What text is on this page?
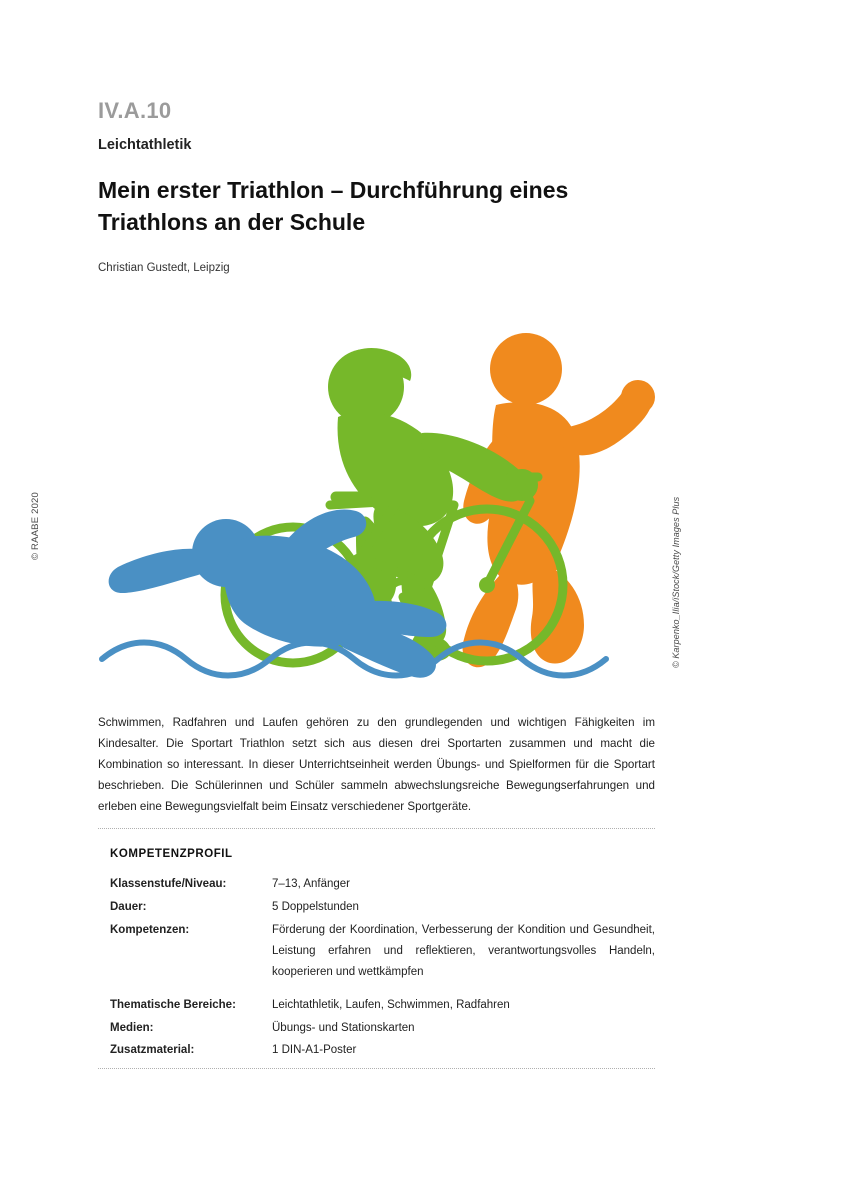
© RAABE 2020	© Karpenko_Ilia/iStock/Getty Images Plus
IV.A.10
Leichtathletik
Mein erster Triathlon – Durchführung eines Triathlons an der Schule
Christian Gustedt, Leipzig

Schwimmen, Radfahren und Laufen gehören zu den grundlegenden und wichtigen Fähigkeiten im Kindesalter. Die Sportart Triathlon setzt sich aus diesen drei Sportarten zusammen und macht die Kombination so interessant. In dieser Unterrichtseinheit werden Übungs- und Spielformen für die Sportart beschrieben. Die Schülerinnen und Schüler sammeln abwechslungsreiche Bewegungserfahrungen und erleben eine Bewegungsvielfalt beim Einsatz verschiedener Sportgeräte.

KOMPETENZPROFIL
Klassenstufe/Niveau:	7–13, Anfänger
Dauer:	5 Doppelstunden
Kompetenzen:	Förderung der Koordination, Verbesserung der Kondition und Gesundheit, Leistung erfahren und reflektieren, verantwortungsvolles Handeln, kooperieren und wettkämpfen
Thematische Bereiche:	Leichtathletik, Laufen, Schwimmen, Radfahren
Medien:	Übungs- und Stationskarten
Zusatzmaterial:	1 DIN-A1-Poster
